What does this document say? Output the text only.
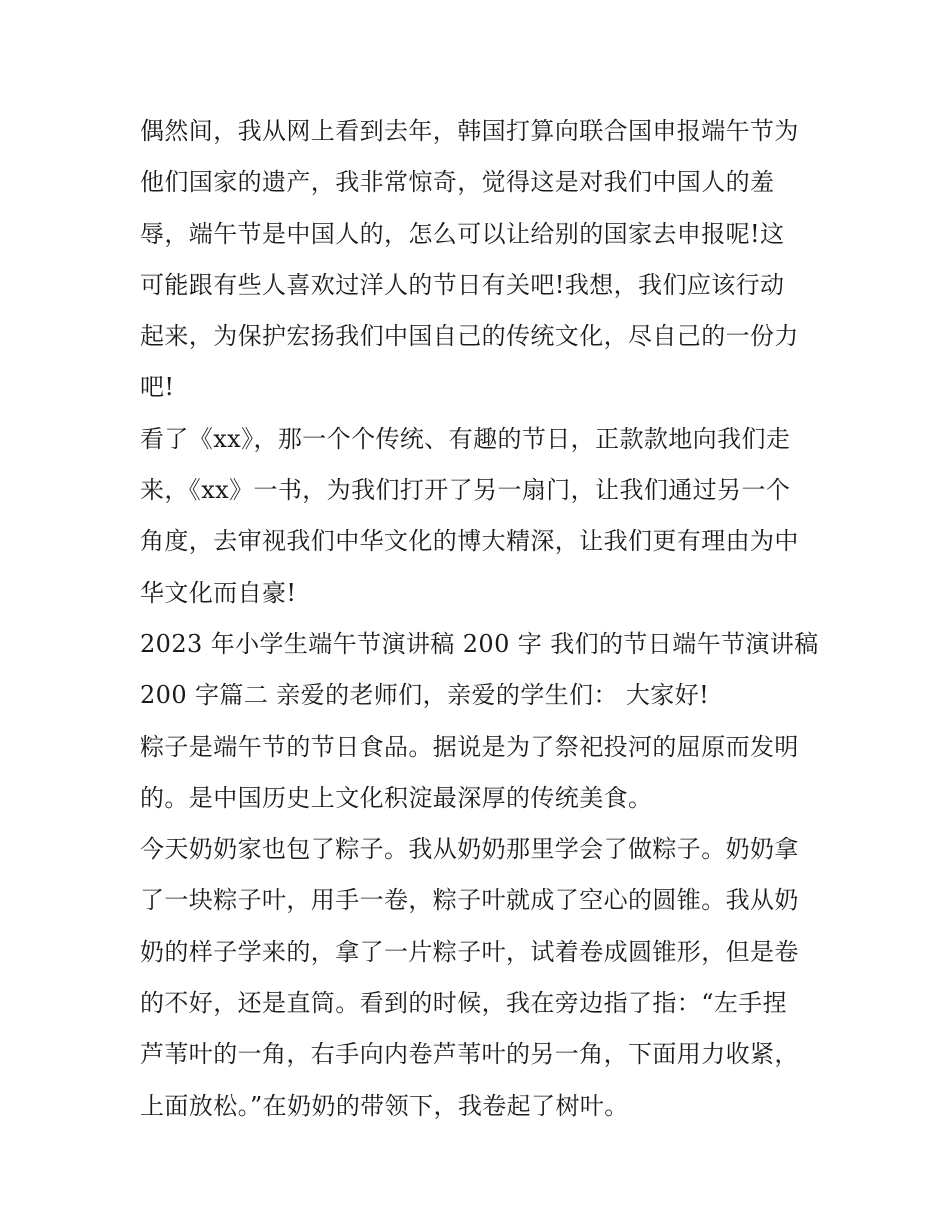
偶然间，我从网上看到去年，韩国打算向联合国申报端午节为
他们国家的遗产，我非常惊奇，觉得这是对我们中国人的羞
辱，端午节是中国人的，怎么可以让给别的国家去申报呢!这
可能跟有些人喜欢过洋人的节日有关吧!我想，我们应该行动
起来，为保护宏扬我们中国自己的传统文化，尽自己的一份力
吧!
看了《xx》，那一个个传统、有趣的节日，正款款地向我们走
来，《xx》一书，为我们打开了另一扇门，让我们通过另一个
角度，去审视我们中华文化的博大精深，让我们更有理由为中
华文化而自豪!
2023 年小学生端午节演讲稿 200 字 我们的节日端午节演讲稿
200 字篇二 亲爱的老师们，亲爱的学生们： 大家好!
粽子是端午节的节日食品。据说是为了祭祀投河的屈原而发明
的。是中国历史上文化积淀最深厚的传统美食。
今天奶奶家也包了粽子。我从奶奶那里学会了做粽子。奶奶拿
了一块粽子叶，用手一卷，粽子叶就成了空心的圆锥。我从奶
奶的样子学来的，拿了一片粽子叶，试着卷成圆锥形，但是卷
的不好，还是直筒。看到的时候，我在旁边指了指：“左手捏
芦苇叶的一角，右手向内卷芦苇叶的另一角，下面用力收紧，
上面放松。”在奶奶的带领下，我卷起了树叶。
